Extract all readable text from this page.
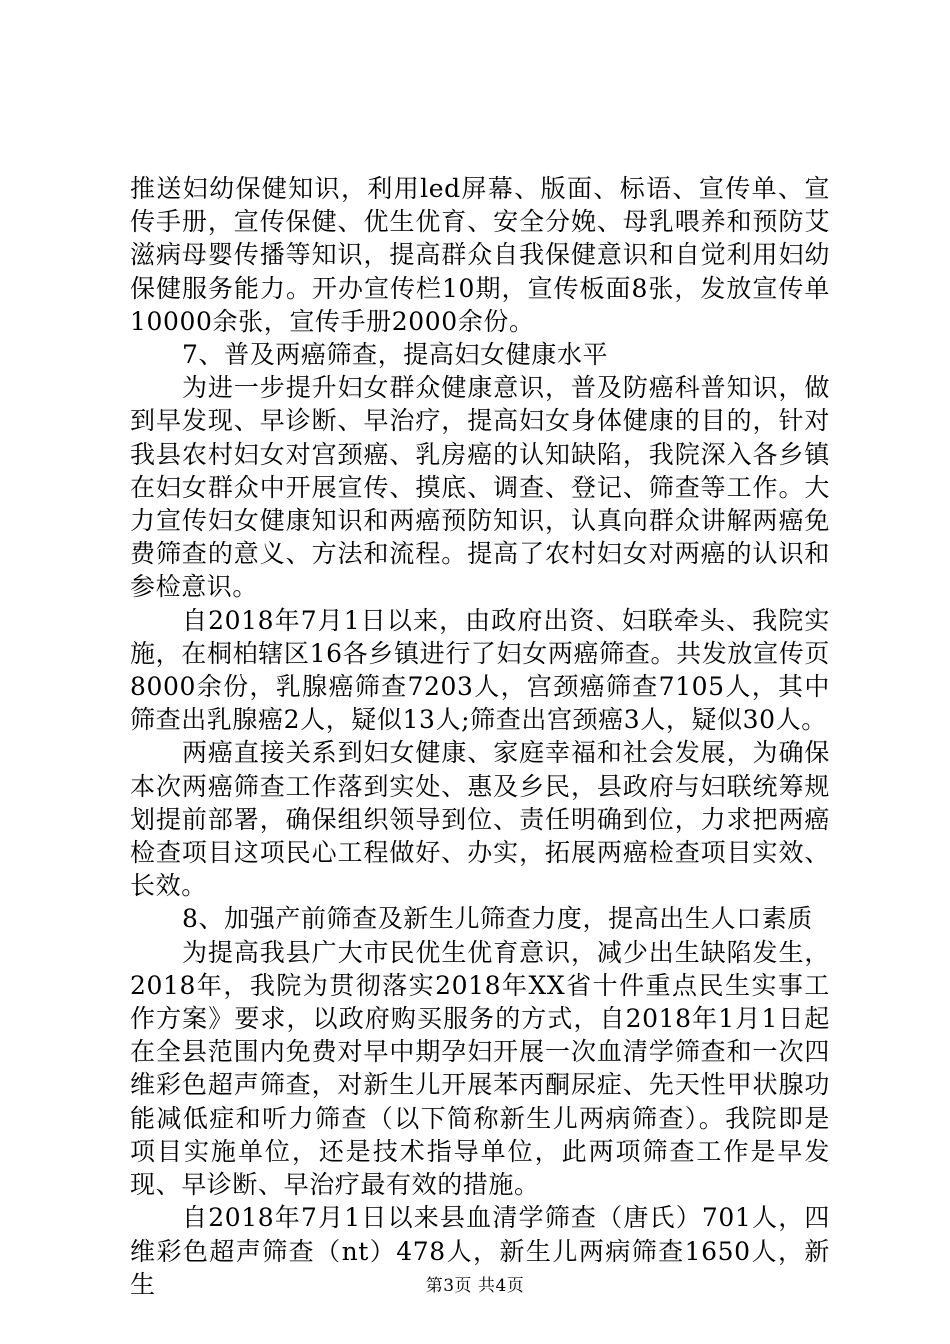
推送妇幼保健知识，利用led屏幕、版面、标语、宣传单、宣传手册，宣传保健、优生优育、安全分娩、母乳喂养和预防艾滋病母婴传播等知识，提高群众自我保健意识和自觉利用妇幼保健服务能力。开办宣传栏10期，宣传板面8张，发放宣传单10000余张，宣传手册2000余份。

7、普及两癌筛查，提高妇女健康水平

为进一步提升妇女群众健康意识，普及防癌科普知识，做到早发现、早诊断、早治疗，提高妇女身体健康的目的，针对我县农村妇女对宫颈癌、乳房癌的认知缺陷，我院深入各乡镇在妇女群众中开展宣传、摸底、调查、登记、筛查等工作。大力宣传妇女健康知识和两癌预防知识，认真向群众讲解两癌免费筛查的意义、方法和流程。提高了农村妇女对两癌的认识和参检意识。

自2018年7月1日以来，由政府出资、妇联牵头、我院实施，在桐柏辖区16各乡镇进行了妇女两癌筛查。共发放宣传页8000余份，乳腺癌筛查7203人，宫颈癌筛查7105人，其中筛查出乳腺癌2人，疑似13人;筛查出宫颈癌3人，疑似30人。

两癌直接关系到妇女健康、家庭幸福和社会发展，为确保本次两癌筛查工作落到实处、惠及乡民，县政府与妇联统筹规划提前部署，确保组织领导到位、责任明确到位，力求把两癌检查项目这项民心工程做好、办实，拓展两癌检查项目实效、长效。

8、加强产前筛查及新生儿筛查力度，提高出生人口素质

为提高我县广大市民优生优育意识，减少出生缺陷发生，2018年，我院为贯彻落实2018年XX省十件重点民生实事工作方案》要求，以政府购买服务的方式，自2018年1月1日起在全县范围内免费对早中期孕妇开展一次血清学筛查和一次四维彩色超声筛查，对新生儿开展苯丙酮尿症、先天性甲状腺功能减低症和听力筛查（以下简称新生儿两病筛查）。我院即是项目实施单位，还是技术指导单位，此两项筛查工作是早发现、早诊断、早治疗最有效的措施。

自2018年7月1日以来县血清学筛查（唐氏）701人，四维彩色超声筛查（nt）478人，新生儿两病筛查1650人，新生	第3页 共4页
